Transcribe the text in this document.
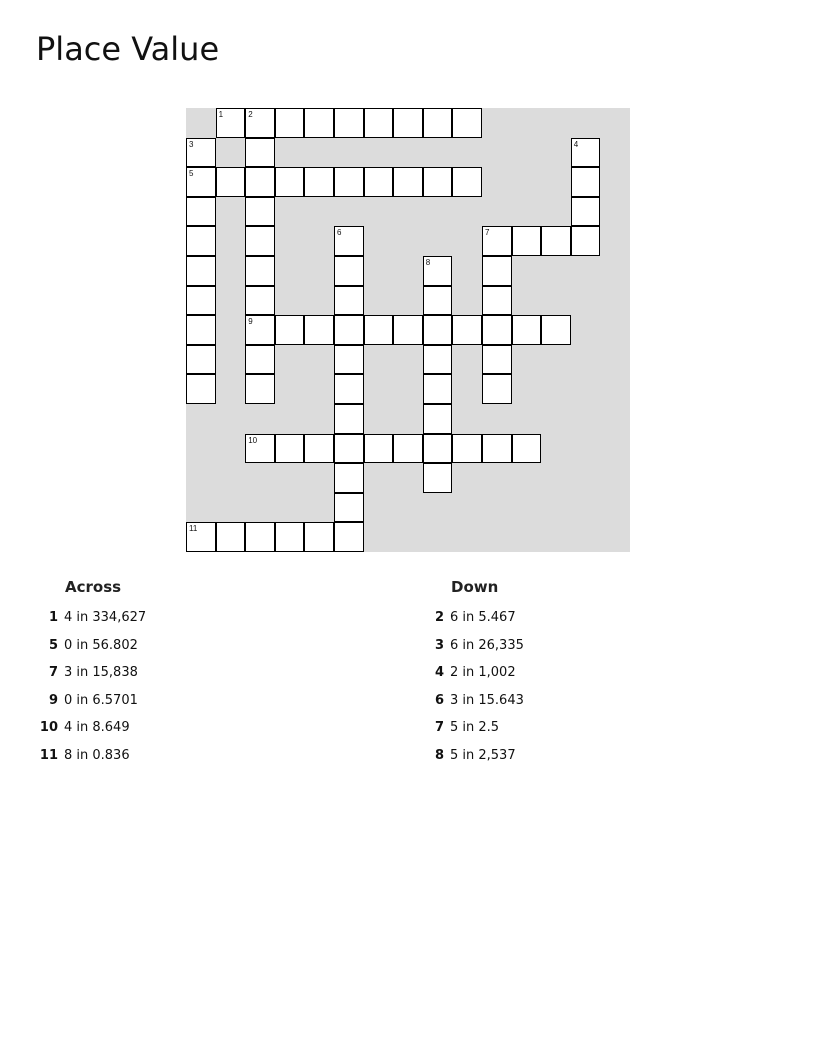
Place Value
1	2
3	4
5
6	7
8
9
10
11
Across
1 4 in 334,627
5 0 in 56.802
7 3 in 15,838
9 0 in 6.5701
10 4 in 8.649
11 8 in 0.836
Down
2 6 in 5.467
3 6 in 26,335
4 2 in 1,002
6 3 in 15.643
7 5 in 2.5
8 5 in 2,537
